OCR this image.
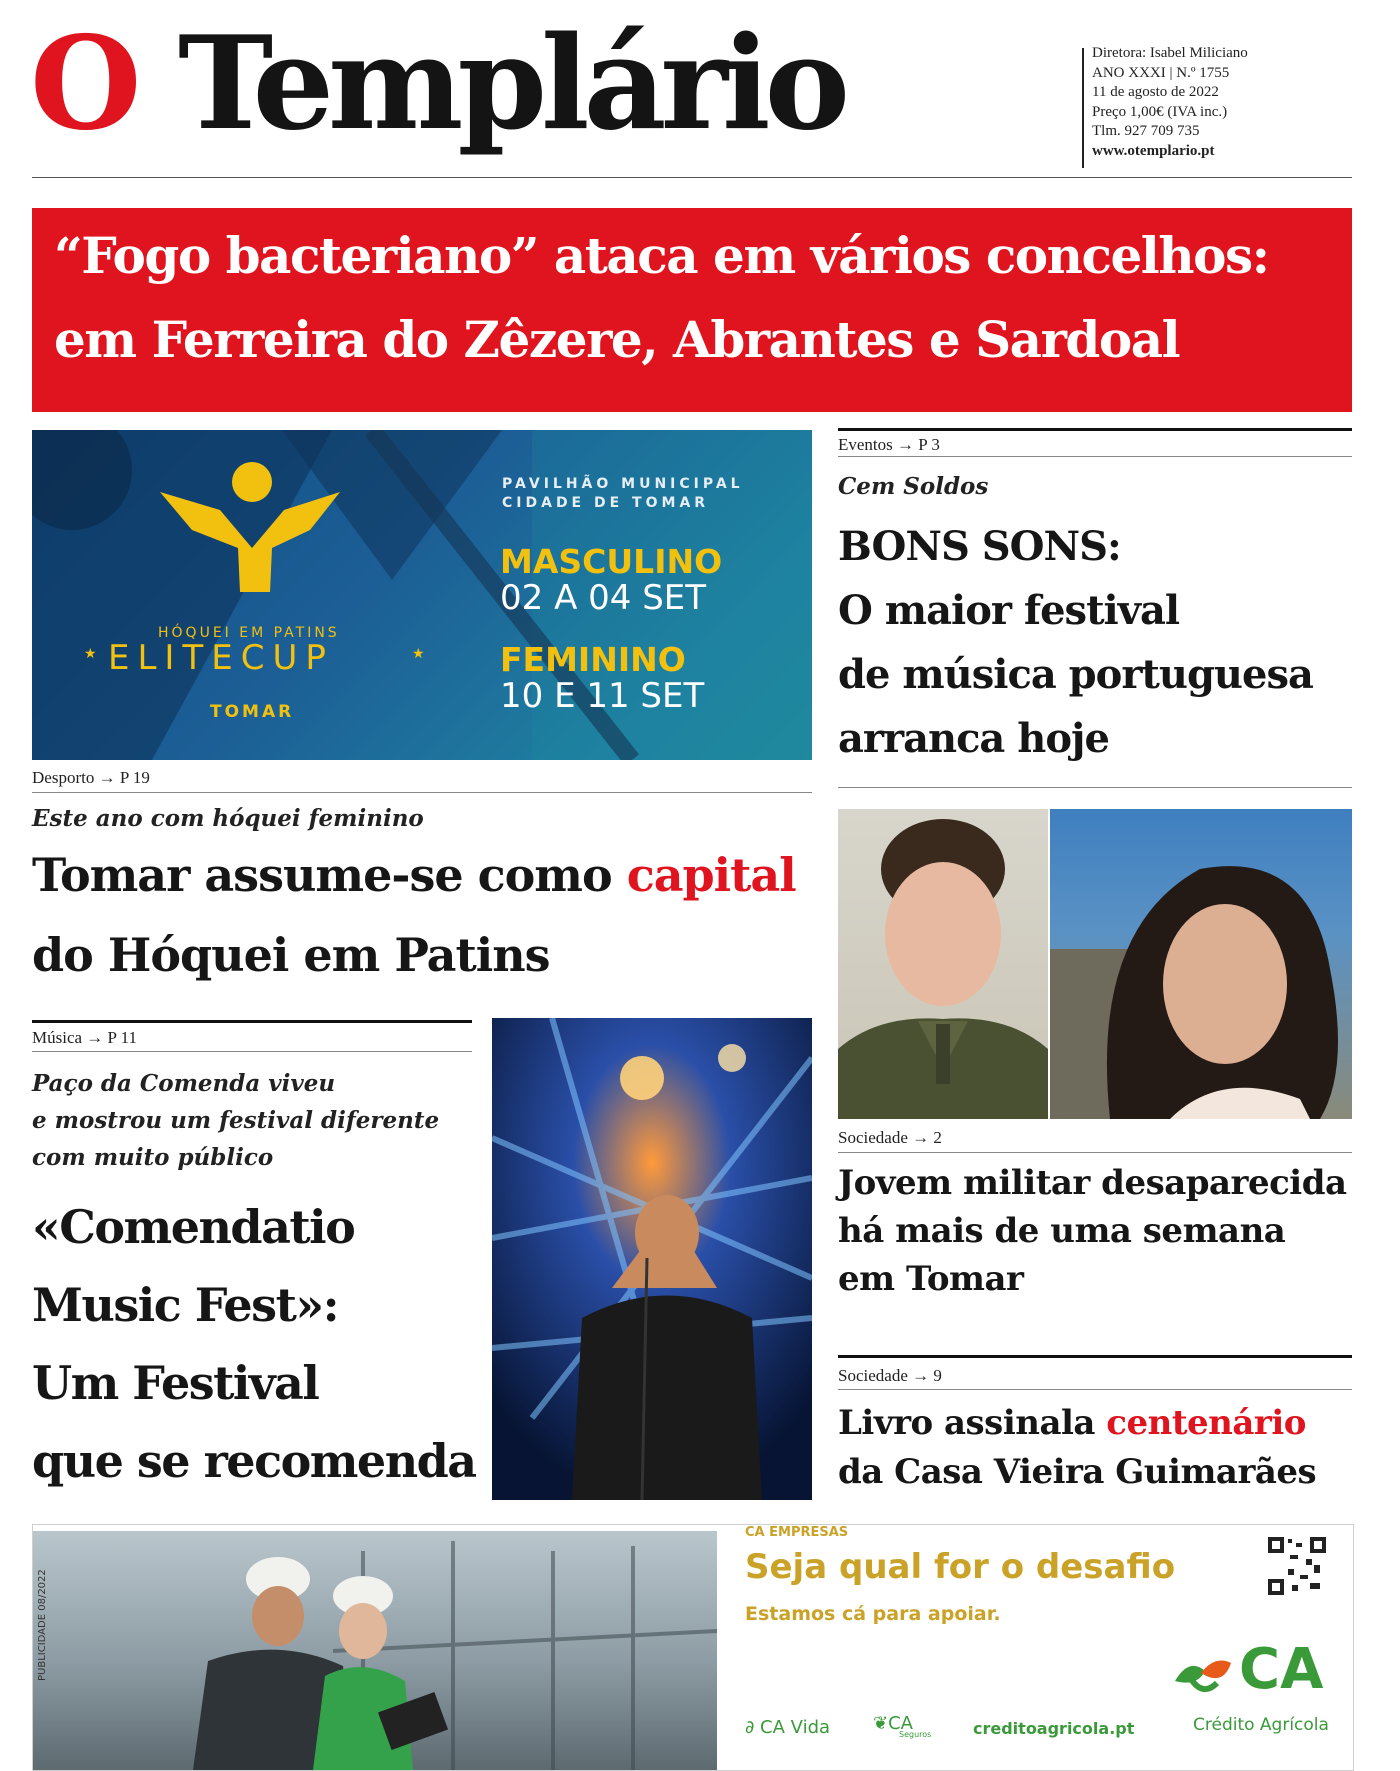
O Templário	Diretora: Isabel Miliciano
ANO XXXI | N.º 1755
11 de agosto de 2022
Preço 1,00€ (IVA inc.)
Tlm. 927 709 735
www.otemplario.pt
“Fogo bacteriano” ataca em vários concelhos:
em Ferreira do Zêzere, Abrantes e Sardoal
HÓQUEI EM PATINS
★ ELITECUP	★
TOMAR
PAVILHÃO MUNICIPAL
CIDADE DE TOMAR
MASCULINO
02 A 04 SET
FEMININO
10 E 11 SET
Desporto → P 19
Este ano com hóquei feminino
Tomar assume-se como capital
do Hóquei em Patins
Eventos → P 3
Cem Soldos
BONS SONS:
O maior festival
de música portuguesa
arranca hoje
Sociedade → 2
Jovem militar desaparecida
há mais de uma semana
em Tomar
Sociedade → 9
Livro assinala centenário
da Casa Vieira Guimarães
Música → P 11
Paço da Comenda viveu
e mostrou um festival diferente
com muito público
«Comendatio
Music Fest»:
Um Festival
que se recomenda
PUBLICIDADE 08/2022
CA EMPRESAS
Seja qual for o desafio
Estamos cá para apoiar.
CA
Crédito Agrícola
∂ CA Vida ❦CA
Seguros	creditoagricola.pt
